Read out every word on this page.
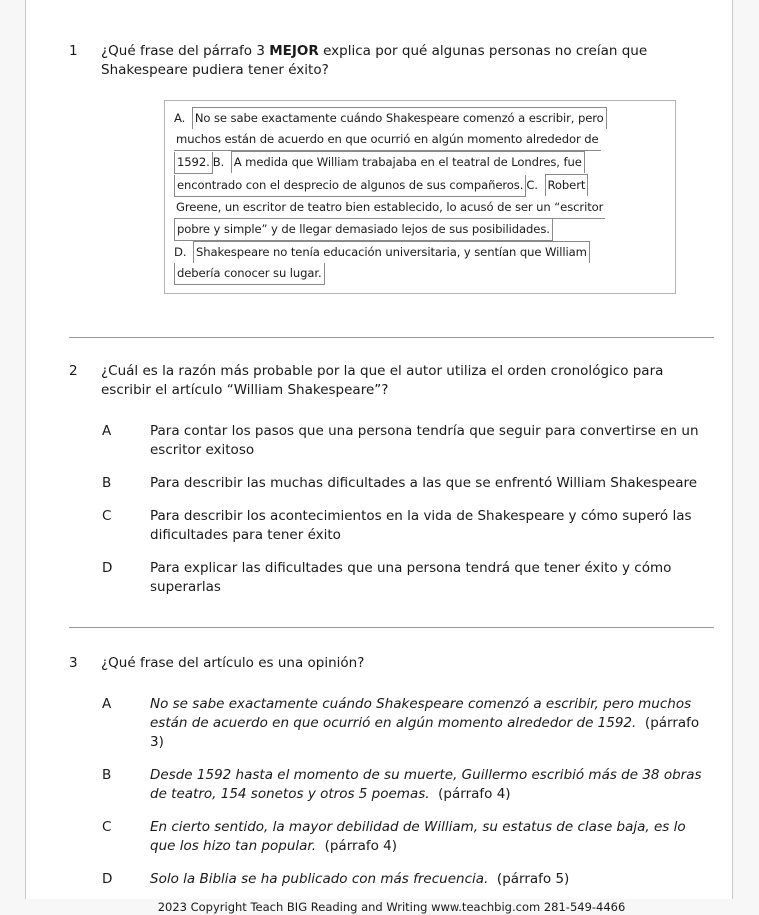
1	¿Qué frase del párrafo 3 MEJOR explica por qué algunas personas no creían que Shakespeare pudiera tener éxito?
A. No se sabe exactamente cuándo Shakespeare comenzó a escribir, pero
muchos están de acuerdo en que ocurrió en algún momento alrededor de
1592. B. A medida que William trabajaba en el teatral de Londres, fue
encontrado con el desprecio de algunos de sus compañeros. C. Robert
Greene, un escritor de teatro bien establecido, lo acusó de ser un “escritor
pobre y simple” y de llegar demasiado lejos de sus posibilidades.
D. Shakespeare no tenía educación universitaria, y sentían que William
debería conocer su lugar.
2	¿Cuál es la razón más probable por la que el autor utiliza el orden cronológico para escribir el artículo “William Shakespeare”?
A	Para contar los pasos que una persona tendría que seguir para convertirse en un escritor exitoso
B	Para describir las muchas dificultades a las que se enfrentó William Shakespeare
C	Para describir los acontecimientos en la vida de Shakespeare y cómo superó las dificultades para tener éxito
D	Para explicar las dificultades que una persona tendrá que tener éxito y cómo superarlas
3	¿Qué frase del artículo es una opinión?
A	No se sabe exactamente cuándo Shakespeare comenzó a escribir, pero muchos están de acuerdo en que ocurrió en algún momento alrededor de 1592. (párrafo 3)
B	Desde 1592 hasta el momento de su muerte, Guillermo escribió más de 38 obras de teatro, 154 sonetos y otros 5 poemas. (párrafo 4)
C	En cierto sentido, la mayor debilidad de William, su estatus de clase baja, es lo que los hizo tan popular. (párrafo 4)
D	Solo la Biblia se ha publicado con más frecuencia. (párrafo 5)
2023 Copyright Teach BIG Reading and Writing www.teachbig.com 281-549-4466
